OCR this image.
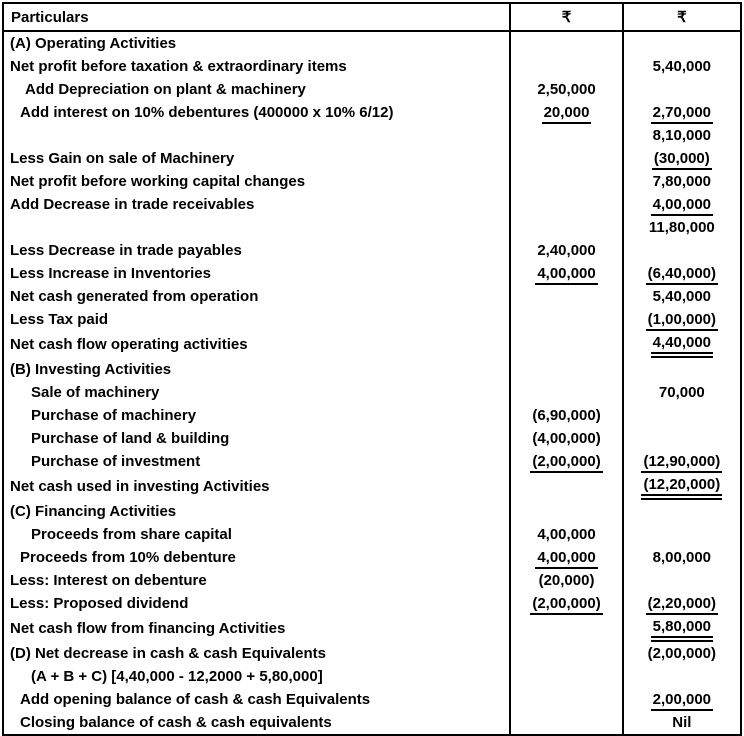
Particulars	₹	₹
(A) Operating Activities		
Net profit before taxation & extraordinary items		5,40,000
Add Depreciation on plant & machinery	2,50,000	
Add interest on 10% debentures (400000 x 10% 6/12)	20,000	2,70,000
		8,10,000
Less Gain on sale of Machinery		(30,000)
Net profit before working capital changes		7,80,000
Add Decrease in trade receivables		4,00,000
		11,80,000
Less Decrease in trade payables	2,40,000	
Less Increase in Inventories	4,00,000	(6,40,000)
Net cash generated from operation		5,40,000
Less Tax paid		(1,00,000)
Net cash flow operating activities		4,40,000
(B) Investing Activities		
Sale of machinery		70,000
Purchase of machinery	(6,90,000)	
Purchase of land & building	(4,00,000)	
Purchase of investment	(2,00,000)	(12,90,000)
Net cash used in investing Activities		(12,20,000)
(C) Financing Activities		
Proceeds from share capital	4,00,000	
Proceeds from 10% debenture	4,00,000	8,00,000
Less: Interest on debenture	(20,000)	
Less: Proposed dividend	(2,00,000)	(2,20,000)
Net cash flow from financing Activities		5,80,000
(D) Net decrease in cash & cash Equivalents		(2,00,000)
(A + B + C) [4,40,000 - 12,2000 + 5,80,000]		
Add opening balance of cash & cash Equivalents		2,00,000
Closing balance of cash & cash equivalents		Nil
